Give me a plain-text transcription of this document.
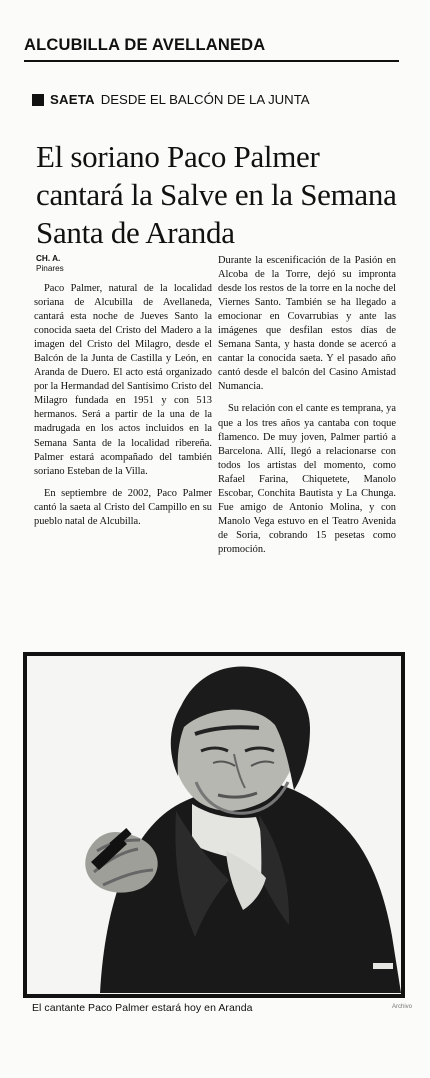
ALCUBILLA DE AVELLANEDA
SAETA DESDE EL BALCÓN DE LA JUNTA
El soriano Paco Palmer cantará la Salve en la Semana Santa de Aranda
CH. A.
Pinares

Paco Palmer, natural de la localidad soriana de Alcubilla de Avellaneda, cantará esta noche de Jueves Santo la conocida saeta del Cristo del Madero a la imagen del Cristo del Milagro, desde el Balcón de la Junta de Castilla y León, en Aranda de Duero. El acto está organizado por la Hermandad del Santísimo Cristo del Milagro fundada en 1951 y con 513 hermanos. Será a partir de la una de la madrugada en los actos incluidos en la Semana Santa de la localidad ribereña. Palmer estará acompañado del también soriano Esteban de la Villa.

En septiembre de 2002, Paco Palmer cantó la saeta al Cristo del Campillo en su pueblo natal de Alcubilla.

Durante la escenificación de la Pasión en Alcoba de la Torre, dejó su impronta desde los restos de la torre en la noche del Viernes Santo. También se ha llegado a emocionar en Covarrubias y ante las imágenes que desfilan estos días de Semana Santa, y hasta donde se acercó a cantar la conocida saeta. Y el pasado año cantó desde el balcón del Casino Amistad Numancia.

Su relación con el cante es temprana, ya que a los tres años ya cantaba con toque flamenco. De muy joven, Palmer partió a Barcelona. Allí, llegó a relacionarse con todos los artistas del momento, como Rafael Farina, Chiquetete, Manolo Escobar, Conchita Bautista y La Chunga. Fue amigo de Antonio Molina, y con Manolo Vega estuvo en el Teatro Avenida de Soria, cobrando 15 pesetas como promoción.

El cantante Paco Palmer estará hoy en Aranda	Archivo
